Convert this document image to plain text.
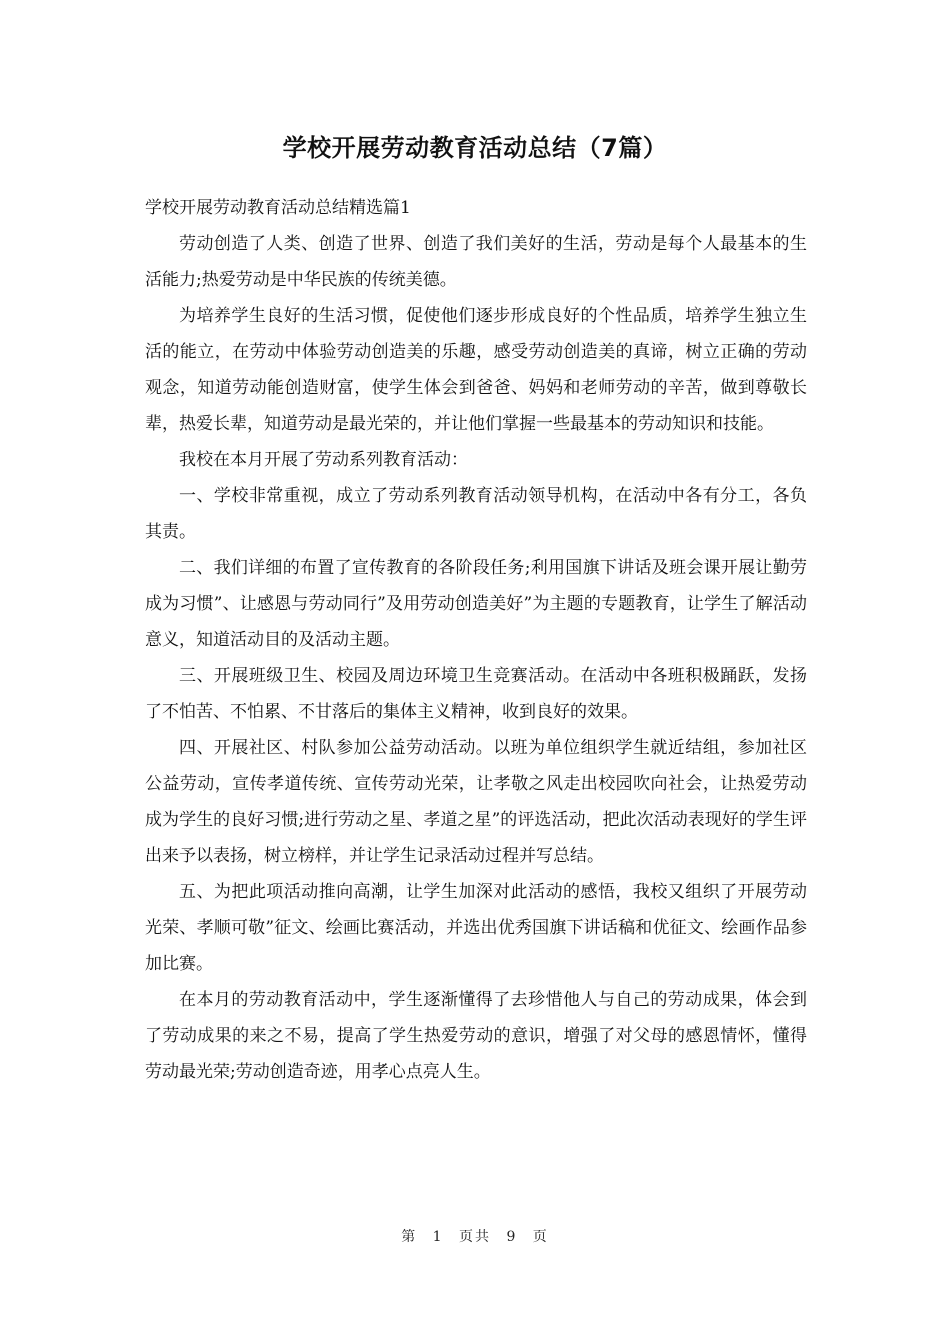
学校开展劳动教育活动总结（7篇）

学校开展劳动教育活动总结精选篇1

劳动创造了人类、创造了世界、创造了我们美好的生活，劳动是每个人最基本的生活能力;热爱劳动是中华民族的传统美德。

为培养学生良好的生活习惯，促使他们逐步形成良好的个性品质，培养学生独立生活的能立，在劳动中体验劳动创造美的乐趣，感受劳动创造美的真谛，树立正确的劳动观念，知道劳动能创造财富，使学生体会到爸爸、妈妈和老师劳动的辛苦，做到尊敬长辈，热爱长辈，知道劳动是最光荣的，并让他们掌握一些最基本的劳动知识和技能。

我校在本月开展了劳动系列教育活动：

一、学校非常重视，成立了劳动系列教育活动领导机构，在活动中各有分工，各负其责。

二、我们详细的布置了宣传教育的各阶段任务;利用国旗下讲话及班会课开展让勤劳成为习惯”、让感恩与劳动同行”及用劳动创造美好”为主题的专题教育，让学生了解活动意义，知道活动目的及活动主题。

三、开展班级卫生、校园及周边环境卫生竞赛活动。在活动中各班积极踊跃，发扬了不怕苦、不怕累、不甘落后的集体主义精神，收到良好的效果。

四、开展社区、村队参加公益劳动活动。以班为单位组织学生就近结组，参加社区公益劳动，宣传孝道传统、宣传劳动光荣，让孝敬之风走出校园吹向社会，让热爱劳动成为学生的良好习惯;进行劳动之星、孝道之星”的评选活动，把此次活动表现好的学生评出来予以表扬，树立榜样，并让学生记录活动过程并写总结。

五、为把此项活动推向高潮，让学生加深对此活动的感悟，我校又组织了开展劳动光荣、孝顺可敬”征文、绘画比赛活动，并选出优秀国旗下讲话稿和优征文、绘画作品参加比赛。

在本月的劳动教育活动中，学生逐渐懂得了去珍惜他人与自己的劳动成果，体会到了劳动成果的来之不易，提高了学生热爱劳动的意识，增强了对父母的感恩情怀，懂得劳动最光荣;劳动创造奇迹，用孝心点亮人生。

第 1 页共 9 页
